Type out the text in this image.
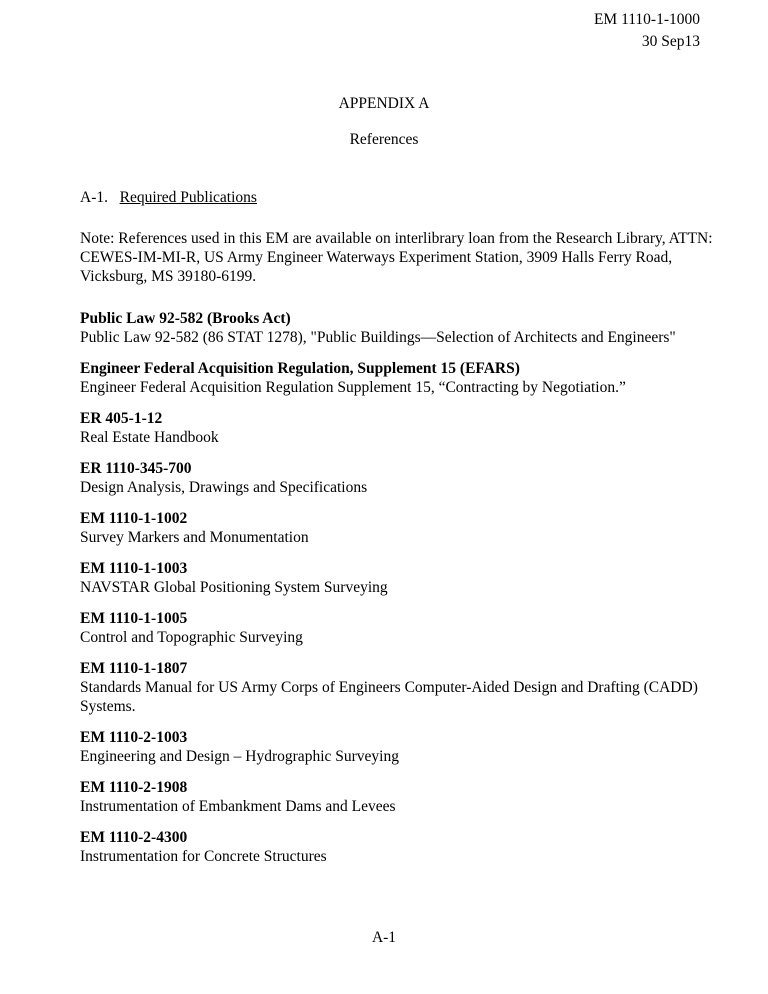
EM 1110-1-1000
30 Sep13
APPENDIX A
References
A-1. Required Publications
Note: References used in this EM are available on interlibrary loan from the Research Library, ATTN: CEWES-IM-MI-R, US Army Engineer Waterways Experiment Station, 3909 Halls Ferry Road, Vicksburg, MS 39180-6199.
Public Law 92-582 (Brooks Act)
Public Law 92-582 (86 STAT 1278), "Public Buildings—Selection of Architects and Engineers"
Engineer Federal Acquisition Regulation, Supplement 15 (EFARS)
Engineer Federal Acquisition Regulation Supplement 15, “Contracting by Negotiation.”
ER 405-1-12
Real Estate Handbook
ER 1110-345-700
Design Analysis, Drawings and Specifications
EM 1110-1-1002
Survey Markers and Monumentation
EM 1110-1-1003
NAVSTAR Global Positioning System Surveying
EM 1110-1-1005
Control and Topographic Surveying
EM 1110-1-1807
Standards Manual for US Army Corps of Engineers Computer-Aided Design and Drafting (CADD) Systems.
EM 1110-2-1003
Engineering and Design – Hydrographic Surveying
EM 1110-2-1908
Instrumentation of Embankment Dams and Levees
EM 1110-2-4300
Instrumentation for Concrete Structures
A-1
